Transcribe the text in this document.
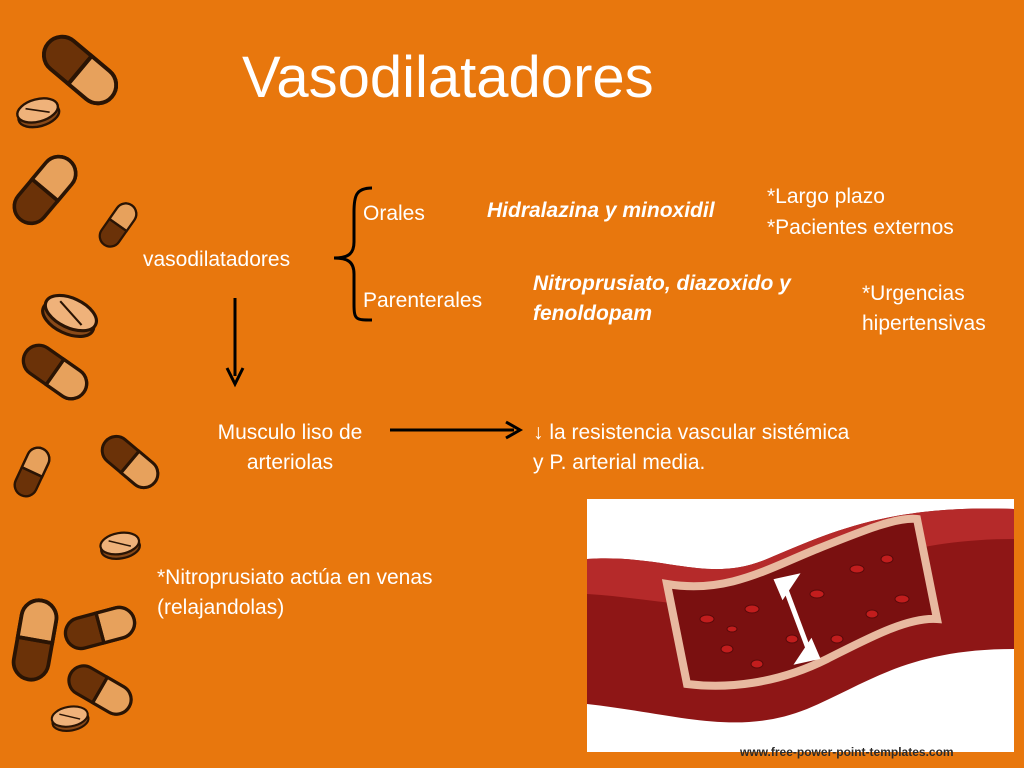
Vasodilatadores
vasodilatadores
Orales	Hidralazina y minoxidil
*Largo plazo
*Pacientes externos
Parenterales
Nitroprusiato, diazoxido y
fenoldopam
*Urgencias
hipertensivas
Musculo liso de
arteriolas
↓ la resistencia vascular sistémica
y P. arterial media.
*Nitroprusiato actúa en venas
(relajandolas)
www.free-power-point-templates.com
